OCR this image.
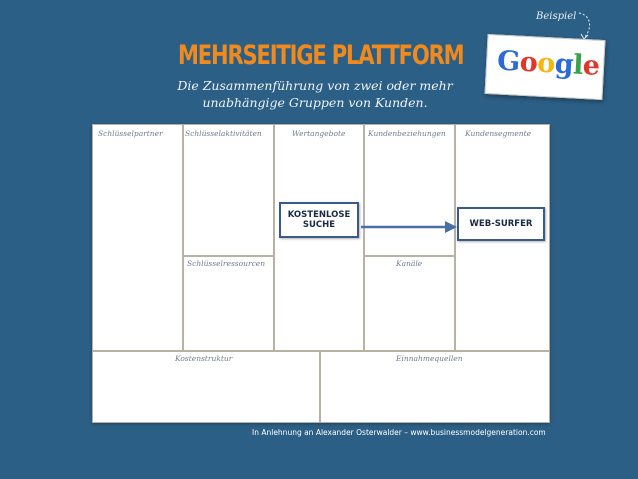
Beispiel
MEHRSEITIGE PLATTFORM
Die Zusammenführung von zwei oder mehr unabhängige Gruppen von Kunden.
Google
Schlüsselpartner	Schlüsselaktivitäten	Wertangebote	Kundenbeziehungen	Kundensegmente
Schlüsselressourcen	Kanäle
Kostenstruktur	Einnahmequellen
KOSTENLOSE SUCHE	WEB-SURFER
In Anlehnung an Alexander Osterwalder – www.businessmodelgeneration.com
